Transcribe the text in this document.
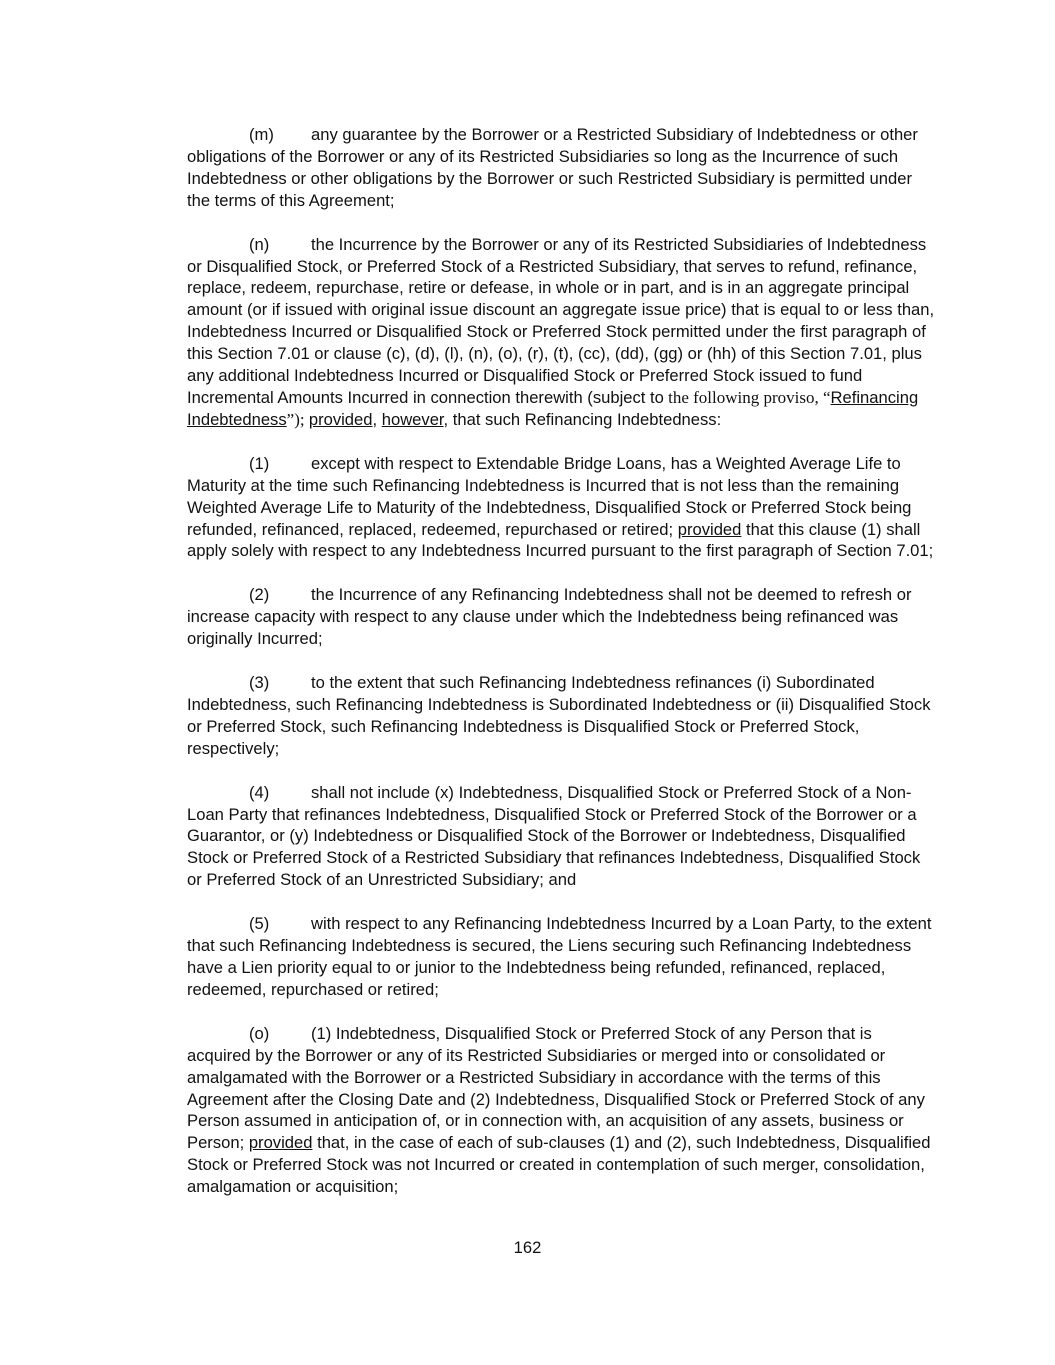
(m) any guarantee by the Borrower or a Restricted Subsidiary of Indebtedness or other obligations of the Borrower or any of its Restricted Subsidiaries so long as the Incurrence of such Indebtedness or other obligations by the Borrower or such Restricted Subsidiary is permitted under the terms of this Agreement;

(n)	the Incurrence by the Borrower or any of its Restricted Subsidiaries of Indebtedness or Disqualified Stock, or Preferred Stock of a Restricted Subsidiary, that serves to refund, refinance, replace, redeem, repurchase, retire or defease, in whole or in part, and is in an aggregate principal amount (or if issued with original issue discount an aggregate issue price) that is equal to or less than, Indebtedness Incurred or Disqualified Stock or Preferred Stock permitted under the first paragraph of this Section 7.01 or clause (c), (d), (l), (n), (o), (r), (t), (cc), (dd), (gg) or (hh) of this Section 7.01, plus any additional Indebtedness Incurred or Disqualified Stock or Preferred Stock issued to fund Incremental Amounts Incurred in connection therewith (subject to the following proviso, “Refinancing Indebtedness”); provided, however, that such Refinancing Indebtedness:

(1)	except with respect to Extendable Bridge Loans, has a Weighted Average Life to Maturity at the time such Refinancing Indebtedness is Incurred that is not less than the remaining Weighted Average Life to Maturity of the Indebtedness, Disqualified Stock or Preferred Stock being refunded, refinanced, replaced, redeemed, repurchased or retired; provided that this clause (1) shall apply solely with respect to any Indebtedness Incurred pursuant to the first paragraph of Section 7.01;

(2)	the Incurrence of any Refinancing Indebtedness shall not be deemed to refresh or increase capacity with respect to any clause under which the Indebtedness being refinanced was originally Incurred;

(3)	to the extent that such Refinancing Indebtedness refinances (i) Subordinated Indebtedness, such Refinancing Indebtedness is Subordinated Indebtedness or (ii) Disqualified Stock or Preferred Stock, such Refinancing Indebtedness is Disqualified Stock or Preferred Stock, respectively;

(4)	shall not include (x) Indebtedness, Disqualified Stock or Preferred Stock of a Non-Loan Party that refinances Indebtedness, Disqualified Stock or Preferred Stock of the Borrower or a Guarantor, or (y) Indebtedness or Disqualified Stock of the Borrower or Indebtedness, Disqualified Stock or Preferred Stock of a Restricted Subsidiary that refinances Indebtedness, Disqualified Stock or Preferred Stock of an Unrestricted Subsidiary; and

(5)	with respect to any Refinancing Indebtedness Incurred by a Loan Party, to the extent that such Refinancing Indebtedness is secured, the Liens securing such Refinancing Indebtedness have a Lien priority equal to or junior to the Indebtedness being refunded, refinanced, replaced, redeemed, repurchased or retired;

(o)	(1) Indebtedness, Disqualified Stock or Preferred Stock of any Person that is acquired by the Borrower or any of its Restricted Subsidiaries or merged into or consolidated or amalgamated with the Borrower or a Restricted Subsidiary in accordance with the terms of this Agreement after the Closing Date and (2) Indebtedness, Disqualified Stock or Preferred Stock of any Person assumed in anticipation of, or in connection with, an acquisition of any assets, business or Person; provided that, in the case of each of sub-clauses (1) and (2), such Indebtedness, Disqualified Stock or Preferred Stock was not Incurred or created in contemplation of such merger, consolidation, amalgamation or acquisition;

162
